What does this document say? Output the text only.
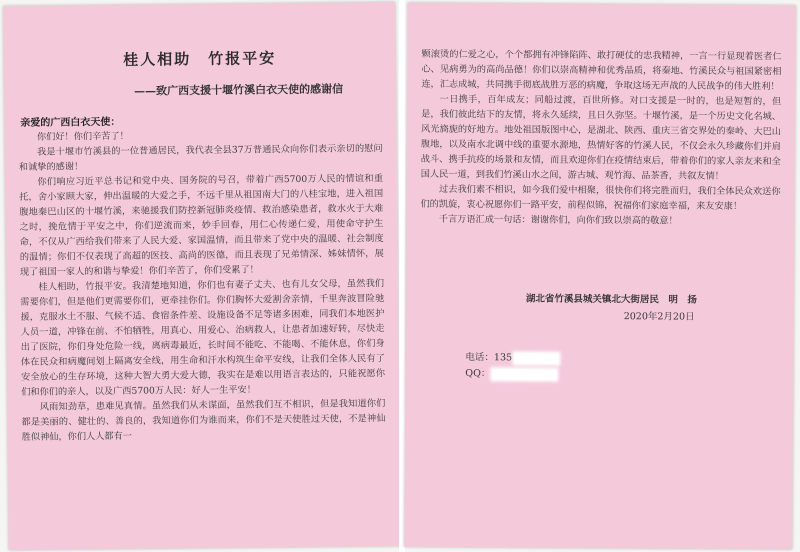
桂人相助　竹报平安
——致广西支援十堰竹溪白衣天使的感谢信
亲爱的广西白衣天使：

你们好！你们辛苦了！

我是十堰市竹溪县的一位普通居民，我代表全县37万普通民众向你们表示亲切的慰问和诚挚的感谢！

你们响应习近平总书记和党中央、国务院的号召，带着广西5700万人民的情谊和重托，舍小家顾大家，伸出温暖的大爱之手，不远千里从祖国南大门的八桂宝地，进入祖国腹地秦巴山区的十堰竹溪，来驰援我们防控新冠肺炎疫情、救治感染患者，救水火于大难之时，挽危情于平安之中，你们逆流而来，妙手回春，用仁心传递仁爱，用使命守护生命，不仅从广西给我们带来了人民大爱、家国温情，而且带来了党中央的温暖、社会制度的温情；你们不仅表现了高超的医技、高尚的医德，而且表现了兄弟情深、姊妹情怀，展现了祖国一家人的和谐与挚爱！你们辛苦了，你们受累了！

桂人相助，竹报平安。我清楚地知道，你们也有妻子丈夫、也有儿女父母，虽然我们需要你们，但是他们更需要你们，更牵挂你们。你们胸怀大爱割舍亲情，千里奔波冒险驰援，克服水土不服、气候不适、食宿条件差、设施设备不足等诸多困难，同我们本地医护人员一道，冲锋在前、不怕牺牲，用真心、用爱心、治病救人，让患者加速好转，尽快走出了医院，你们身处危险一线，离病毒最近，长时间不能吃、不能喝、不能休息，你们身体在民众和病魔间划上隔离安全线，用生命和汗水构筑生命平安线，让我们全体人民有了安全放心的生存环境，这种大智大勇大爱大德，我实在是难以用语言表达的，只能祝愿你们和你们的亲人，以及广西5700万人民：好人一生平安！

风雨知劲草，患难见真情。虽然我们从未谋面，虽然我们互不相识，但是我知道你们都是美丽的、健壮的、善良的，我知道你们为谁而来，你们不是天使胜过天使，不是神仙胜似神仙，你们人人都有一

颗滚烫的仁爱之心，个个都拥有冲锋陷阵、敢打硬仗的忠我精神，一言一行显现着医者仁心、见病勇为的高尚品德！你们以崇高精神和优秀品质，将秦地、竹溪民众与祖国紧密相连，汇志成城，共同携手彻底战胜万恶的病魔，争取这场无声战的人民战争的伟大胜利！

一日携手，百年成友；同船过渡，百世所修。对口支援是一时的，也是短暂的，但是，我们彼此结下的友情，将永久延续，且日久弥坚。十堰竹溪，是一个历史文化名城、风光旖旎的好地方。地处祖国版图中心，是湖北、陕西、重庆三省交界处的秦岭、大巴山腹地，以及南水北调中线的重要水源地，热情好客的竹溪人民，不仅会永久珍藏你们并肩战斗、携手抗疫的场景和友情，而且欢迎你们在疫情结束后，带着你们的家人亲友来和全国人民一道，到我们竹溪山水之间，游古城、观竹海、品茶香，共叙友情！

过去我们素不相识，如今我们爱中相聚，很快你们将完胜而归，我们全体民众欢送你们的凯旋，衷心祝愿你们一路平安，前程似锦，祝福你们家庭幸福，来友安康！

千言万语汇成一句话：谢谢你们，向你们致以崇高的敬意！

湖北省竹溪县城关镇北大街居民　明　扬
2020年2月20日
电话：135
QQ：
